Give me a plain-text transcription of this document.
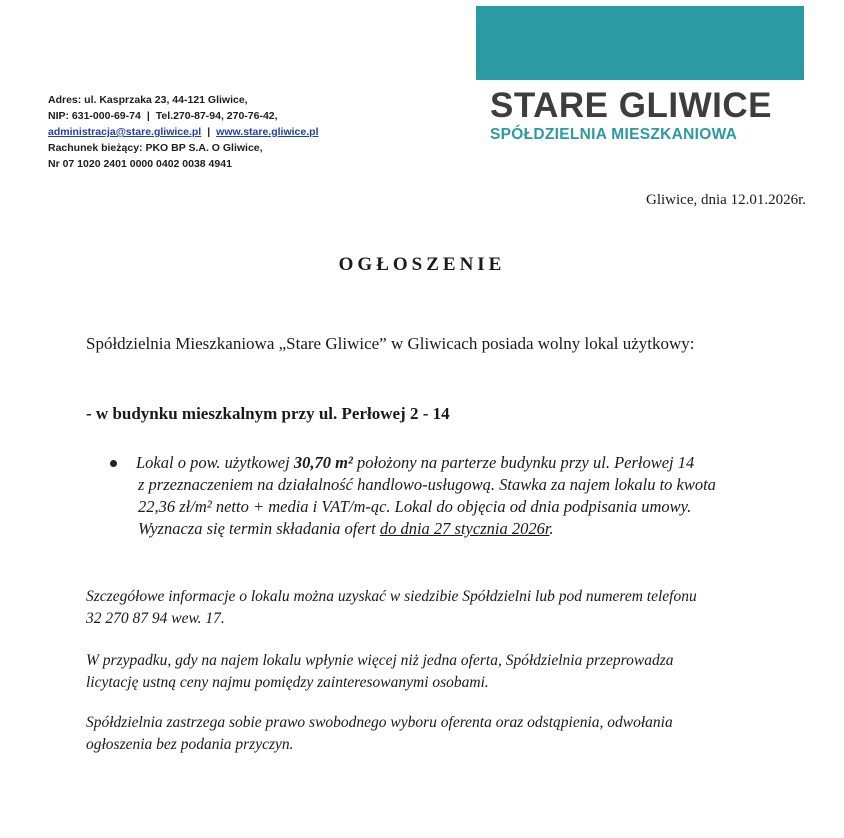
Adres: ul. Kasprzaka 23, 44-121 Gliwice,
NIP: 631-000-69-74 | Tel.270-87-94, 270-76-42,
administracja@stare.gliwice.pl | www.stare.gliwice.pl
Rachunek bieżący: PKO BP S.A. O Gliwice,
Nr 07 1020 2401 0000 0402 0038 4941
STARE GLIWICE
SPÓŁDZIELNIA MIESZKANIOWA
Gliwice, dnia 12.01.2026r.
OGŁOSZENIE
Spółdzielnia Mieszkaniowa „Stare Gliwice” w Gliwicach posiada wolny lokal użytkowy:
- w budynku mieszkalnym przy ul. Perłowej 2 - 14
Lokal o pow. użytkowej 30,70 m² położony na parterze budynku przy ul. Perłowej 14
z przeznaczeniem na działalność handlowo-usługową. Stawka za najem lokalu to kwota
22,36 zł/m² netto + media i VAT/m-ąc. Lokal do objęcia od dnia podpisania umowy.
Wyznacza się termin składania ofert do dnia 27 stycznia 2026r.
Szczegółowe informacje o lokalu można uzyskać w siedzibie Spółdzielni lub pod numerem telefonu
32 270 87 94 wew. 17.
W przypadku, gdy na najem lokalu wpłynie więcej niż jedna oferta, Spółdzielnia przeprowadza
licytację ustną ceny najmu pomiędzy zainteresowanymi osobami.
Spółdzielnia zastrzega sobie prawo swobodnego wyboru oferenta oraz odstąpienia, odwołania
ogłoszenia bez podania przyczyn.
